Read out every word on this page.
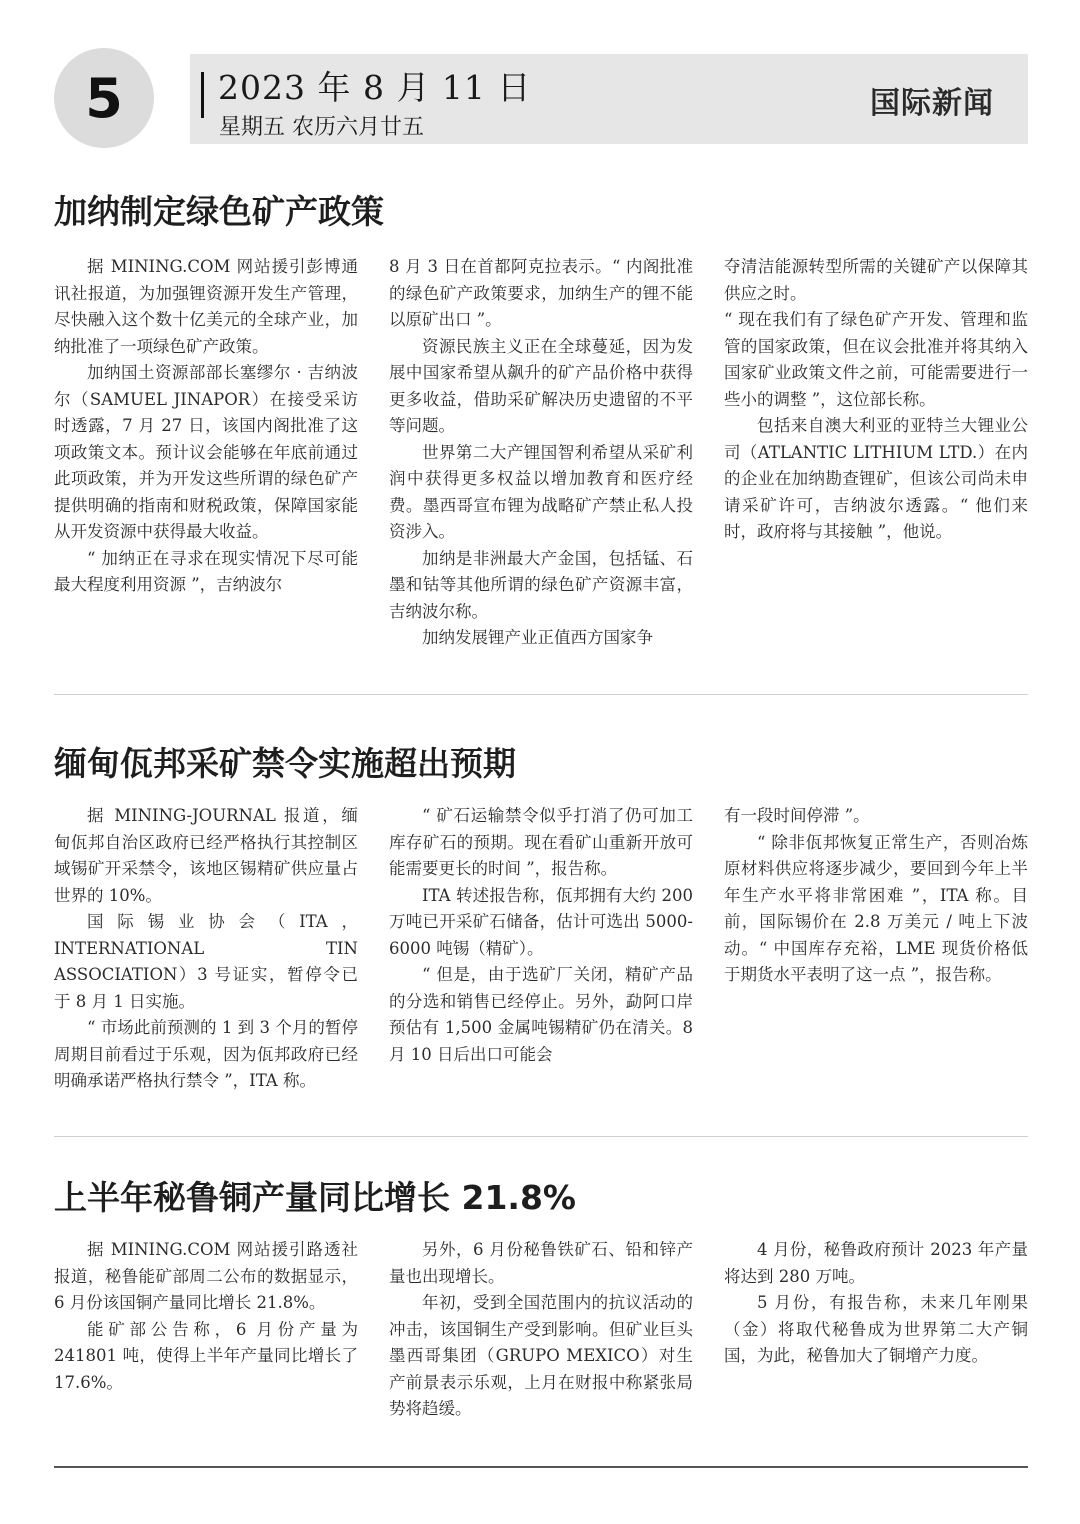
5	2023 年 8 月 11 日
星期五 农历六月廿五
国际新闻
加纳制定绿色矿产政策

据 MINING.COM 网站援引彭博通讯社报道，为加强锂资源开发生产管理，尽快融入这个数十亿美元的全球产业，加纳批准了一项绿色矿产政策。

加纳国土资源部部长塞缪尔 · 吉纳波尔（SAMUEL JINAPOR）在接受采访时透露，7 月 27 日，该国内阁批准了这项政策文本。预计议会能够在年底前通过此项政策，并为开发这些所谓的绿色矿产提供明确的指南和财税政策，保障国家能从开发资源中获得最大收益。

“ 加纳正在寻求在现实情况下尽可能最大程度利用资源 ”，吉纳波尔

8 月 3 日在首都阿克拉表示。“ 内阁批准的绿色矿产政策要求，加纳生产的锂不能以原矿出口 ”。

资源民族主义正在全球蔓延，因为发展中国家希望从飙升的矿产品价格中获得更多收益，借助采矿解决历史遗留的不平等问题。

世界第二大产锂国智利希望从采矿利润中获得更多权益以增加教育和医疗经费。墨西哥宣布锂为战略矿产禁止私人投资涉入。

加纳是非洲最大产金国，包括锰、石墨和钴等其他所谓的绿色矿产资源丰富，吉纳波尔称。

加纳发展锂产业正值西方国家争

夺清洁能源转型所需的关键矿产以保障其供应之时。

“ 现在我们有了绿色矿产开发、管理和监管的国家政策，但在议会批准并将其纳入国家矿业政策文件之前，可能需要进行一些小的调整 ”，这位部长称。

包括来自澳大利亚的亚特兰大锂业公司（ATLANTIC LITHIUM LTD.）在内的企业在加纳勘查锂矿，但该公司尚未申请采矿许可，吉纳波尔透露。“ 他们来时，政府将与其接触 ”，他说。

缅甸佤邦采矿禁令实施超出预期

据 MINING-JOURNAL 报道，缅甸佤邦自治区政府已经严格执行其控制区域锡矿开采禁令，该地区锡精矿供应量占世界的 10%。

国际锡业协会（ITA，INTERNATIONAL TIN ASSOCIATION）3 号证实，暂停令已于 8 月 1 日实施。

“ 市场此前预测的 1 到 3 个月的暂停周期目前看过于乐观，因为佤邦政府已经明确承诺严格执行禁令 ”，ITA 称。

“ 矿石运输禁令似乎打消了仍可加工库存矿石的预期。现在看矿山重新开放可能需要更长的时间 ”，报告称。

ITA 转述报告称，佤邦拥有大约 200 万吨已开采矿石储备，估计可选出 5000-6000 吨锡（精矿）。

“ 但是，由于选矿厂关闭，精矿产品的分选和销售已经停止。另外，勐阿口岸预估有 1,500 金属吨锡精矿仍在清关。8 月 10 日后出口可能会

有一段时间停滞 ”。

“ 除非佤邦恢复正常生产，否则冶炼原材料供应将逐步减少，要回到今年上半年生产水平将非常困难 ”，ITA 称。目前，国际锡价在 2.8 万美元 / 吨上下波动。“ 中国库存充裕，LME 现货价格低于期货水平表明了这一点 ”，报告称。

上半年秘鲁铜产量同比增长 21.8%

据 MINING.COM 网站援引路透社报道，秘鲁能矿部周二公布的数据显示，6 月份该国铜产量同比增长 21.8%。

能矿部公告称，6 月份产量为 241801 吨，使得上半年产量同比增长了 17.6%。

另外，6 月份秘鲁铁矿石、铅和锌产量也出现增长。

年初，受到全国范围内的抗议活动的冲击，该国铜生产受到影响。但矿业巨头墨西哥集团（GRUPO MEXICO）对生产前景表示乐观，上月在财报中称紧张局势将趋缓。

4 月份，秘鲁政府预计 2023 年产量将达到 280 万吨。

5 月份，有报告称，未来几年刚果（金）将取代秘鲁成为世界第二大产铜国，为此，秘鲁加大了铜增产力度。
